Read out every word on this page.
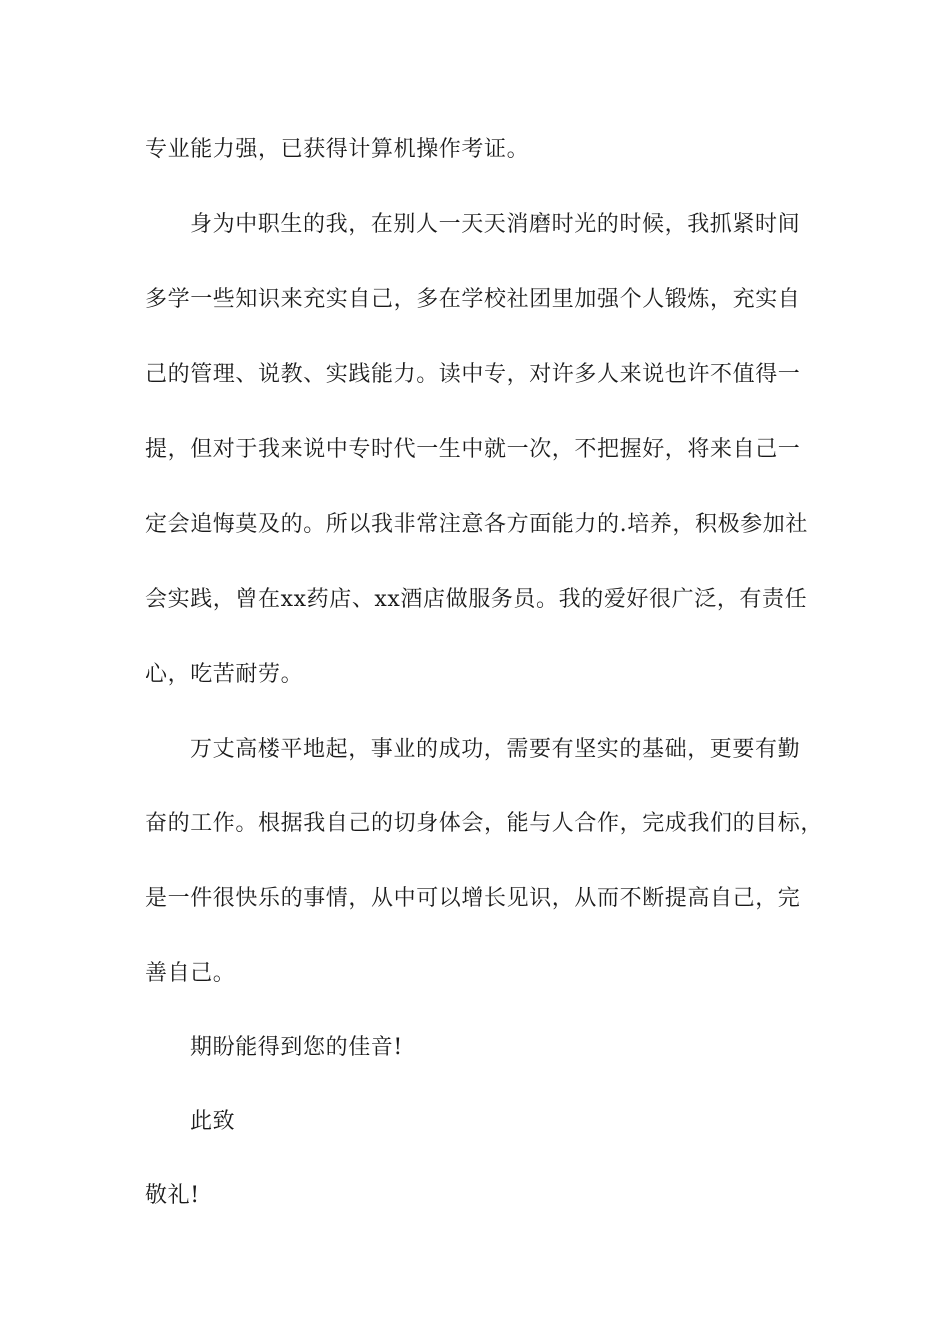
专业能力强，已获得计算机操作考证。
身为中职生的我，在别人一天天消磨时光的时候，我抓紧时间
多学一些知识来充实自己，多在学校社团里加强个人锻炼，充实自
己的管理、说教、实践能力。读中专，对许多人来说也许不值得一
提，但对于我来说中专时代一生中就一次，不把握好，将来自己一
定会追悔莫及的。所以我非常注意各方面能力的.培养，积极参加社
会实践，曾在xx药店、xx酒店做服务员。我的爱好很广泛，有责任
心，吃苦耐劳。
万丈高楼平地起，事业的成功，需要有坚实的基础，更要有勤
奋的工作。根据我自己的切身体会，能与人合作，完成我们的目标，
是一件很快乐的事情，从中可以增长见识，从而不断提高自己，完
善自己。
期盼能得到您的佳音!
此致
敬礼!
